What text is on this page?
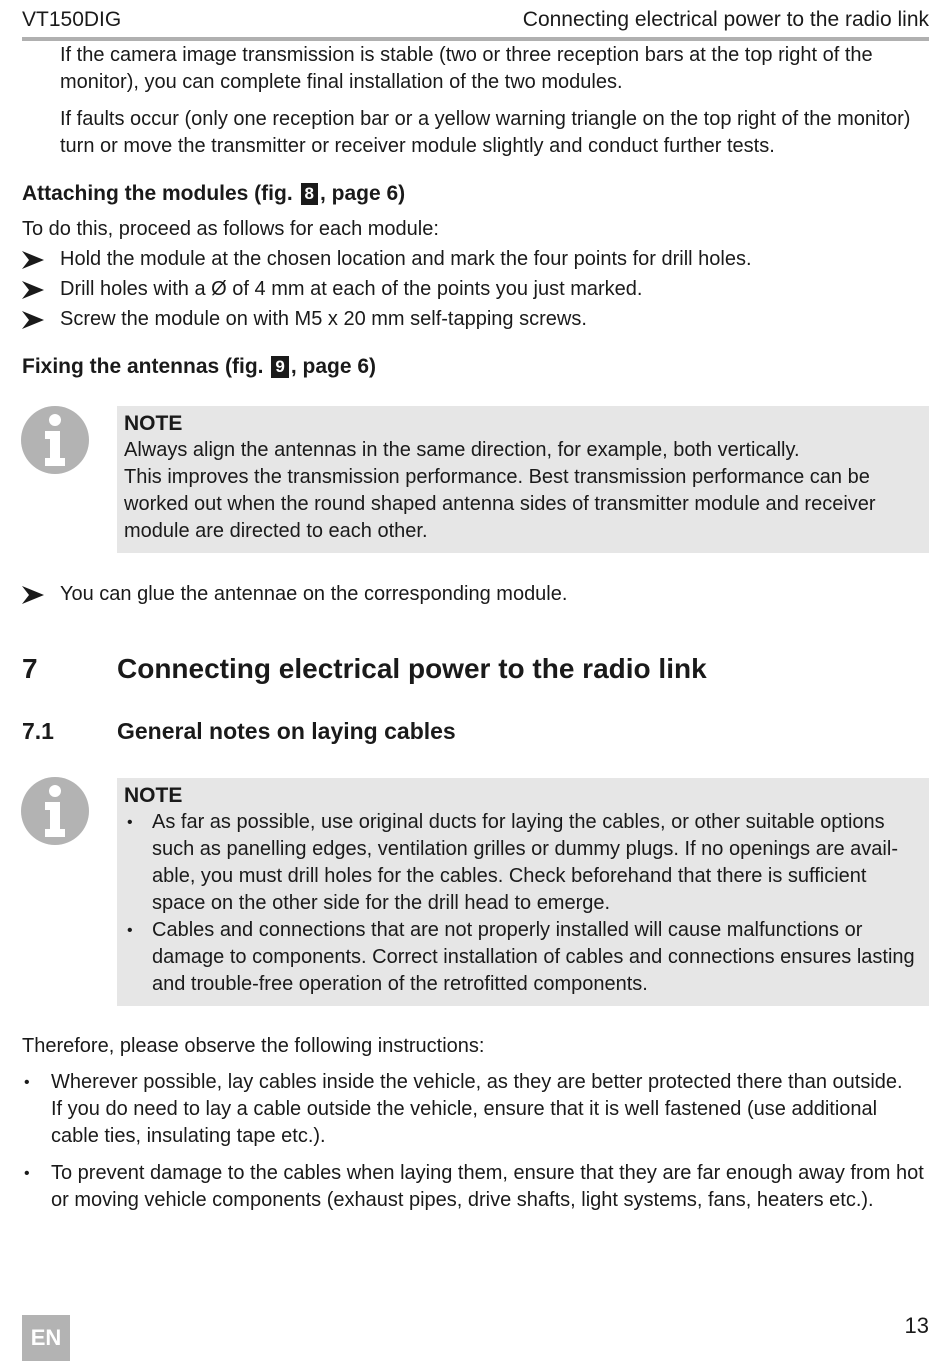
VT150DIG	Connecting electrical power to the radio link

If the camera image transmission is stable (two or three reception bars at the top right of the monitor), you can complete final installation of the two modules.

If faults occur (only one reception bar or a yellow warning triangle on the top right of the monitor) turn or move the transmitter or receiver module slightly and conduct further tests.

Attaching the modules (fig. 8 , page 6)
To do this, proceed as follows for each module:
Hold the module at the chosen location and mark the four points for drill holes.
Drill holes with a Ø of 4 mm at each of the points you just marked.
Screw the module on with M5 x 20 mm self-tapping screws.
Fixing the antennas (fig. 9 , page 6)
NOTE
Always align the antennas in the same direction, for example, both vertically.
This improves the transmission performance. Best transmission performance can be worked out when the round shaped antenna sides of transmitter module and receiver module are directed to each other.
You can glue the antennae on the corresponding module.
7	Connecting electrical power to the radio link
7.1	General notes on laying cables
NOTE
• As far as possible, use original ducts for laying the cables, or other suitable options such as panelling edges, ventilation grilles or dummy plugs. If no openings are avail-able, you must drill holes for the cables. Check beforehand that there is sufficient space on the other side for the drill head to emerge.
• Cables and connections that are not properly installed will cause malfunctions or damage to components. Correct installation of cables and connections ensures lasting and trouble-free operation of the retrofitted components.
Therefore, please observe the following instructions:
• Wherever possible, lay cables inside the vehicle, as they are better protected there than outside.
If you do need to lay a cable outside the vehicle, ensure that it is well fastened (use additional cable ties, insulating tape etc.).
• To prevent damage to the cables when laying them, ensure that they are far enough away from hot or moving vehicle components (exhaust pipes, drive shafts, light systems, fans, heaters etc.).
EN	13
